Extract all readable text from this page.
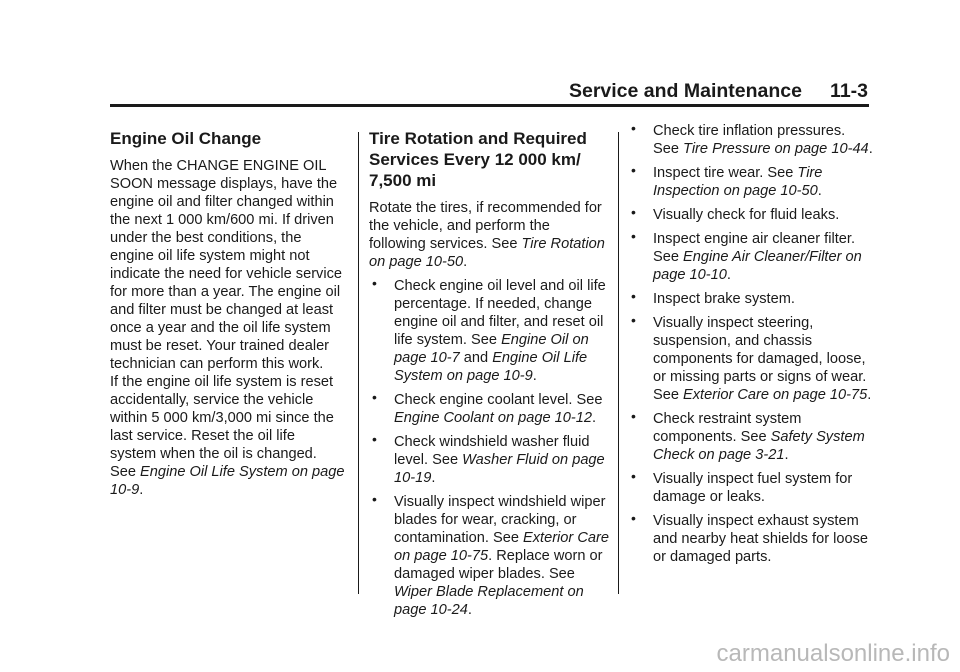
Service and Maintenance 11-3
Engine Oil Change

When the CHANGE ENGINE OIL
SOON message displays, have the
engine oil and filter changed within
the next 1 000 km/600 mi. If driven
under the best conditions, the
engine oil life system might not
indicate the need for vehicle service
for more than a year. The engine oil
and filter must be changed at least
once a year and the oil life system
must be reset. Your trained dealer
technician can perform this work.
If the engine oil life system is reset
accidentally, service the vehicle
within 5 000 km/3,000 mi since the
last service. Reset the oil life
system when the oil is changed.
See Engine Oil Life System on page 10-9.

Tire Rotation and Required
Services Every 12 000 km/
7,500 mi

Rotate the tires, if recommended for
the vehicle, and perform the
following services. See Tire Rotation on page 10-50.

• Check engine oil level and oil life percentage. If needed, change engine oil and filter, and reset oil life system. See Engine Oil on page 10-7 and Engine Oil Life System on page 10-9.
• Check engine coolant level. See Engine Coolant on page 10-12.
• Check windshield washer fluid level. See Washer Fluid on page 10-19.
• Visually inspect windshield wiper blades for wear, cracking, or contamination. See Exterior Care on page 10-75. Replace worn or damaged wiper blades. See Wiper Blade Replacement on page 10-24.
• Check tire inflation pressures. See Tire Pressure on page 10-44.
• Inspect tire wear. See Tire Inspection on page 10-50.
• Visually check for fluid leaks.
• Inspect engine air cleaner filter. See Engine Air Cleaner/Filter on page 10-10.
• Inspect brake system.
• Visually inspect steering, suspension, and chassis components for damaged, loose, or missing parts or signs of wear. See Exterior Care on page 10-75.
• Check restraint system components. See Safety System Check on page 3-21.
• Visually inspect fuel system for damage or leaks.
• Visually inspect exhaust system and nearby heat shields for loose or damaged parts.
carmanualsonline.info
